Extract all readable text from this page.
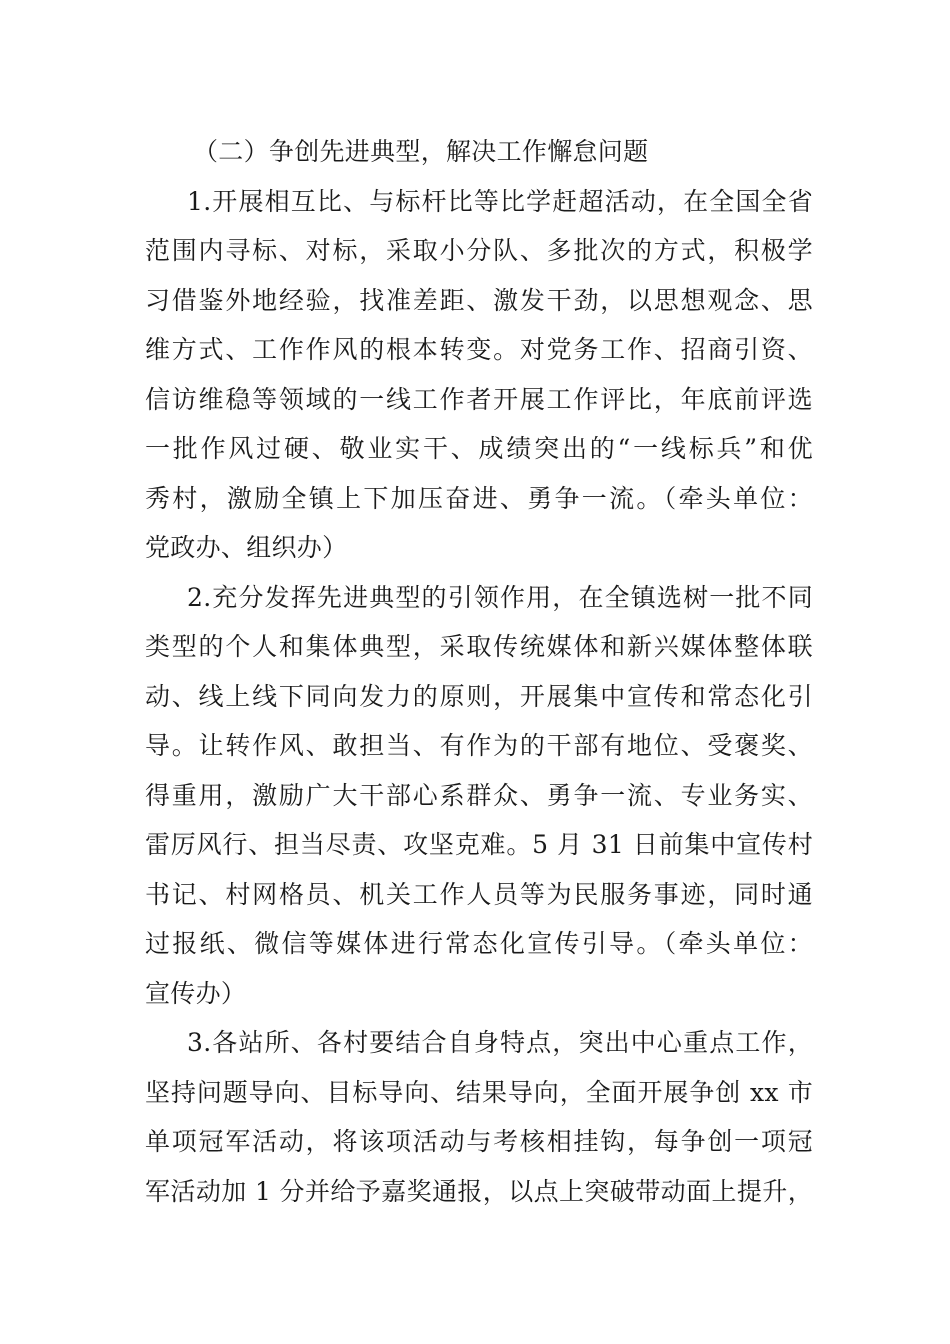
（二）争创先进典型，解决工作懈怠问题
1.开展相互比、与标杆比等比学赶超活动，在全国全省
范围内寻标、对标，采取小分队、多批次的方式，积极学
习借鉴外地经验，找准差距、激发干劲，以思想观念、思
维方式、工作作风的根本转变。对党务工作、招商引资、
信访维稳等领域的一线工作者开展工作评比，年底前评选
一批作风过硬、敬业实干、成绩突出的“一线标兵”和优
秀村，激励全镇上下加压奋进、勇争一流。（牵头单位：
党政办、组织办）
2.充分发挥先进典型的引领作用，在全镇选树一批不同
类型的个人和集体典型，采取传统媒体和新兴媒体整体联
动、线上线下同向发力的原则，开展集中宣传和常态化引
导。让转作风、敢担当、有作为的干部有地位、受褒奖、
得重用，激励广大干部心系群众、勇争一流、专业务实、
雷厉风行、担当尽责、攻坚克难。5 月 31 日前集中宣传村
书记、村网格员、机关工作人员等为民服务事迹，同时通
过报纸、微信等媒体进行常态化宣传引导。（牵头单位：
宣传办）
3.各站所、各村要结合自身特点，突出中心重点工作，
坚持问题导向、目标导向、结果导向，全面开展争创 xx 市
单项冠军活动，将该项活动与考核相挂钩，每争创一项冠
军活动加 1 分并给予嘉奖通报，以点上突破带动面上提升，
